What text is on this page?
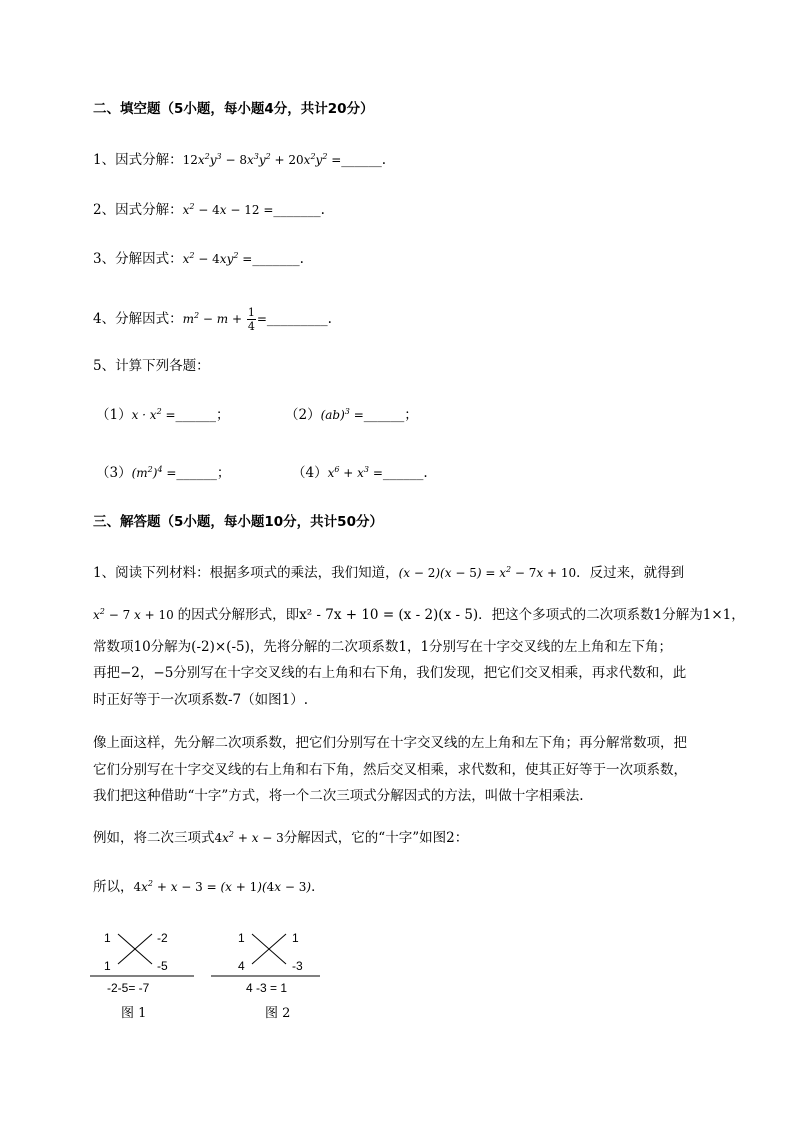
二、填空题（5小题，每小题4分，共计20分）
1、因式分解：$12x^2y^3 - 8x^3y^2 + 20x^2y^2$ =______.
2、因式分解：$x^2 - 4x - 12$ =_______.
3、分解因式：$x^2 - 4xy^2$ =_______.
4、分解因式：$m^2 - m + \frac{1}{4}$ =_________.
5、计算下列各题：
$(1)x \cdot x^2$ =______；	（2）(ab)$^3$ =______；
$(3)(m^2)^4$ =______；	$(4)x^6 + x^3$ =______.
三、解答题（5小题，每小题10分，共计50分）
1、阅读下列材料：根据多项式的乘法，我们知道，$(x - 2)(x - 5) = x^2 - 7x + 10$．反过来，就得到
$x^2 - 7$ x + 10 的因式分解形式，即x² - 7x + 10 = (x - 2)(x - 5)．把这个多项式的二次项系数1分解为1×1，
常数项10分解为(-2)×(-5)，先将分解的二次项系数1，1分别写在十字交叉线的左上角和左下角；
再把−2，−5分别写在十字交叉线的右上角和右下角，我们发现，把它们交叉相乘，再求代数和，此
时正好等于一次项系数-7（如图1）.
像上面这样，先分解二次项系数，把它们分别写在十字交叉线的左上角和左下角；再分解常数项，把
它们分别写在十字交叉线的右上角和右下角，然后交叉相乘，求代数和，使其正好等于一次项系数，
我们把这种借助“十字”方式，将一个二次三项式分解因式的方法，叫做十字相乘法.
例如，将二次三项式$4x^2 + x - 3$分解因式，它的“十字”如图2：
所以，$4x^2 + x - 3 = (x + 1)(4x - 3)$．
1	-2
1	-5
-2-5= -7
图 1
1	1
4	-3
4 -3 = 1
图 2
